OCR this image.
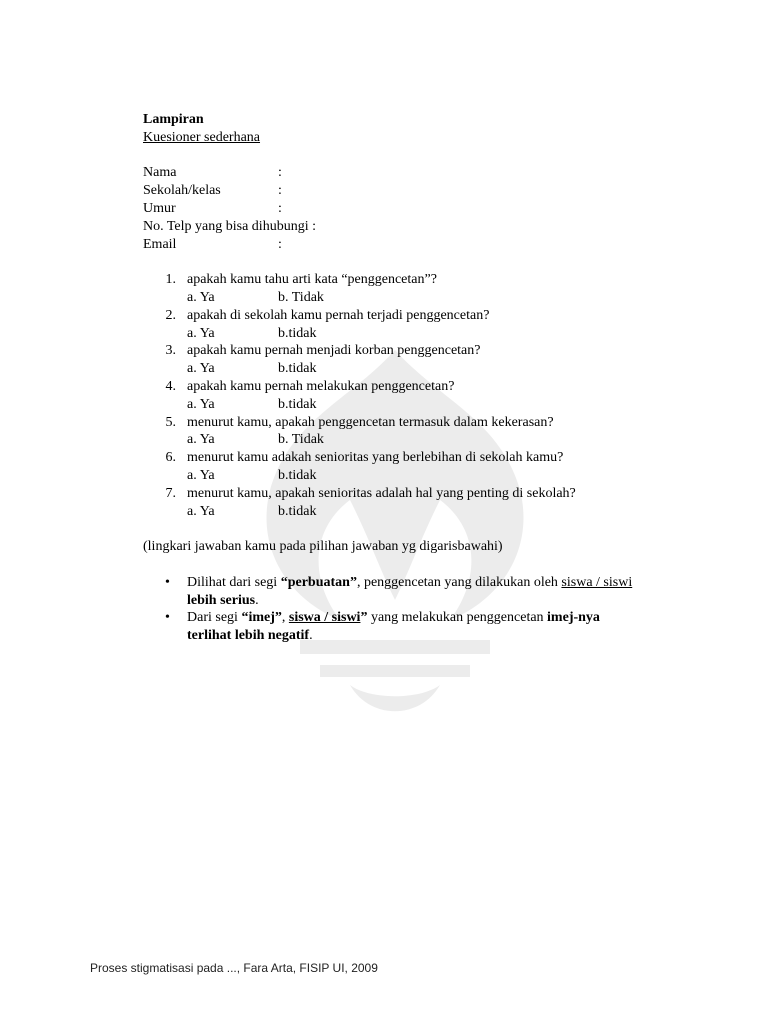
Lampiran
Kuesioner sederhana
Nama	:
Sekolah/kelas	:
Umur	:
No. Telp yang bisa dihubungi :
Email	:
1. apakah kamu tahu arti kata “penggencetan”?
a. Ya	b. Tidak
2. apakah di sekolah kamu pernah terjadi penggencetan?
a. Ya	b.tidak
3. apakah kamu pernah menjadi korban penggencetan?
a. Ya	b.tidak
4. apakah kamu pernah melakukan penggencetan?
a. Ya	b.tidak
5. menurut kamu, apakah penggencetan termasuk dalam kekerasan?
a. Ya	b. Tidak
6. menurut kamu adakah senioritas yang berlebihan di sekolah kamu?
a. Ya	b.tidak
7. menurut kamu, apakah senioritas adalah hal yang penting di sekolah?
a. Ya	b.tidak
(lingkari jawaban kamu pada pilihan jawaban yg digarisbawahi)
•	Dilihat dari segi “perbuatan”, penggencetan yang dilakukan oleh siswa / siswi lebih serius.
•	Dari segi “imej”, siswa / siswi” yang melakukan penggencetan imej-nya terlihat lebih negatif.
Proses stigmatisasi pada ..., Fara Arta, FISIP UI, 2009
